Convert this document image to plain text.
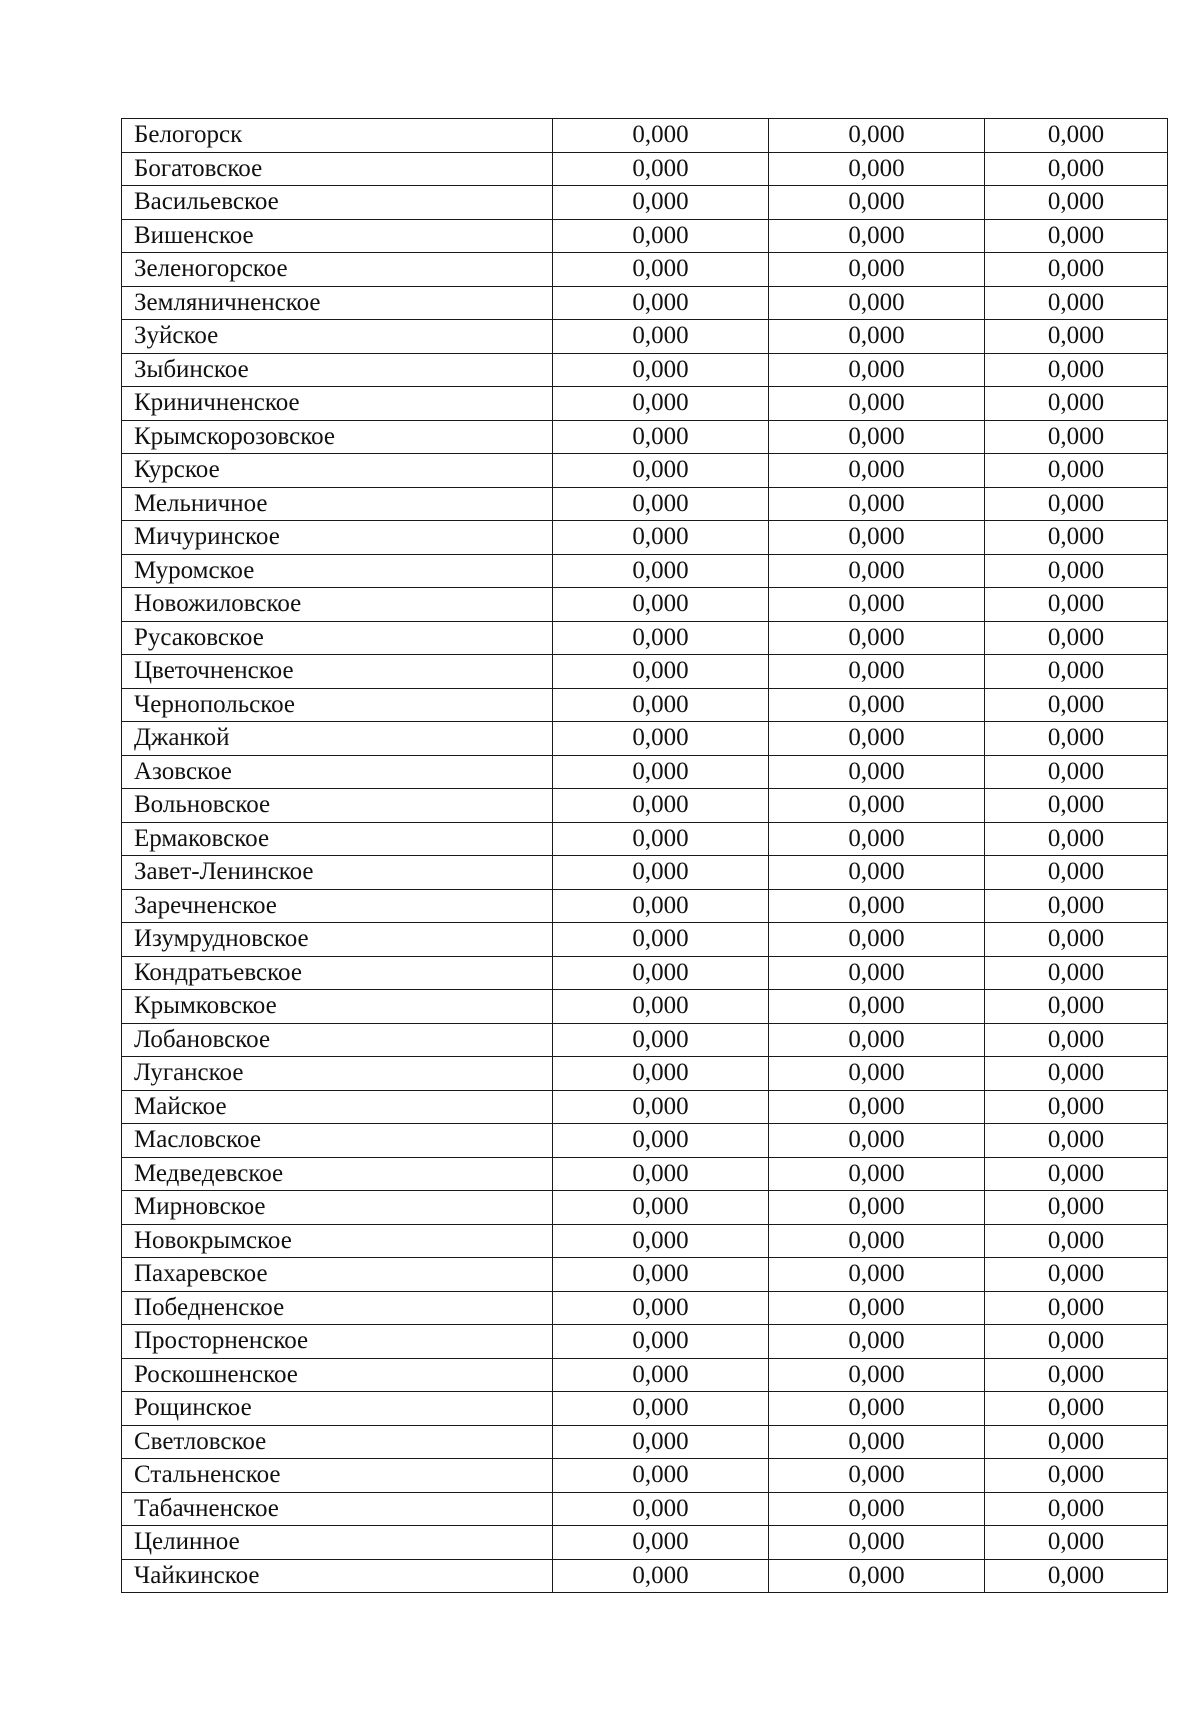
Белогорск	0,000	0,000	0,000
Богатовское	0,000	0,000	0,000
Васильевское	0,000	0,000	0,000
Вишенское	0,000	0,000	0,000
Зеленогорское	0,000	0,000	0,000
Земляничненское	0,000	0,000	0,000
Зуйское	0,000	0,000	0,000
Зыбинское	0,000	0,000	0,000
Криничненское	0,000	0,000	0,000
Крымскорозовское	0,000	0,000	0,000
Курское	0,000	0,000	0,000
Мельничное	0,000	0,000	0,000
Мичуринское	0,000	0,000	0,000
Муромское	0,000	0,000	0,000
Новожиловское	0,000	0,000	0,000
Русаковское	0,000	0,000	0,000
Цветочненское	0,000	0,000	0,000
Чернопольское	0,000	0,000	0,000
Джанкой	0,000	0,000	0,000
Азовское	0,000	0,000	0,000
Вольновское	0,000	0,000	0,000
Ермаковское	0,000	0,000	0,000
Завет-Ленинское	0,000	0,000	0,000
Заречненское	0,000	0,000	0,000
Изумрудновское	0,000	0,000	0,000
Кондратьевское	0,000	0,000	0,000
Крымковское	0,000	0,000	0,000
Лобановское	0,000	0,000	0,000
Луганское	0,000	0,000	0,000
Майское	0,000	0,000	0,000
Масловское	0,000	0,000	0,000
Медведевское	0,000	0,000	0,000
Мирновское	0,000	0,000	0,000
Новокрымское	0,000	0,000	0,000
Пахаревское	0,000	0,000	0,000
Победненское	0,000	0,000	0,000
Просторненское	0,000	0,000	0,000
Роскошненское	0,000	0,000	0,000
Рощинское	0,000	0,000	0,000
Светловское	0,000	0,000	0,000
Стальненское	0,000	0,000	0,000
Табачненское	0,000	0,000	0,000
Целинное	0,000	0,000	0,000
Чайкинское	0,000	0,000	0,000
